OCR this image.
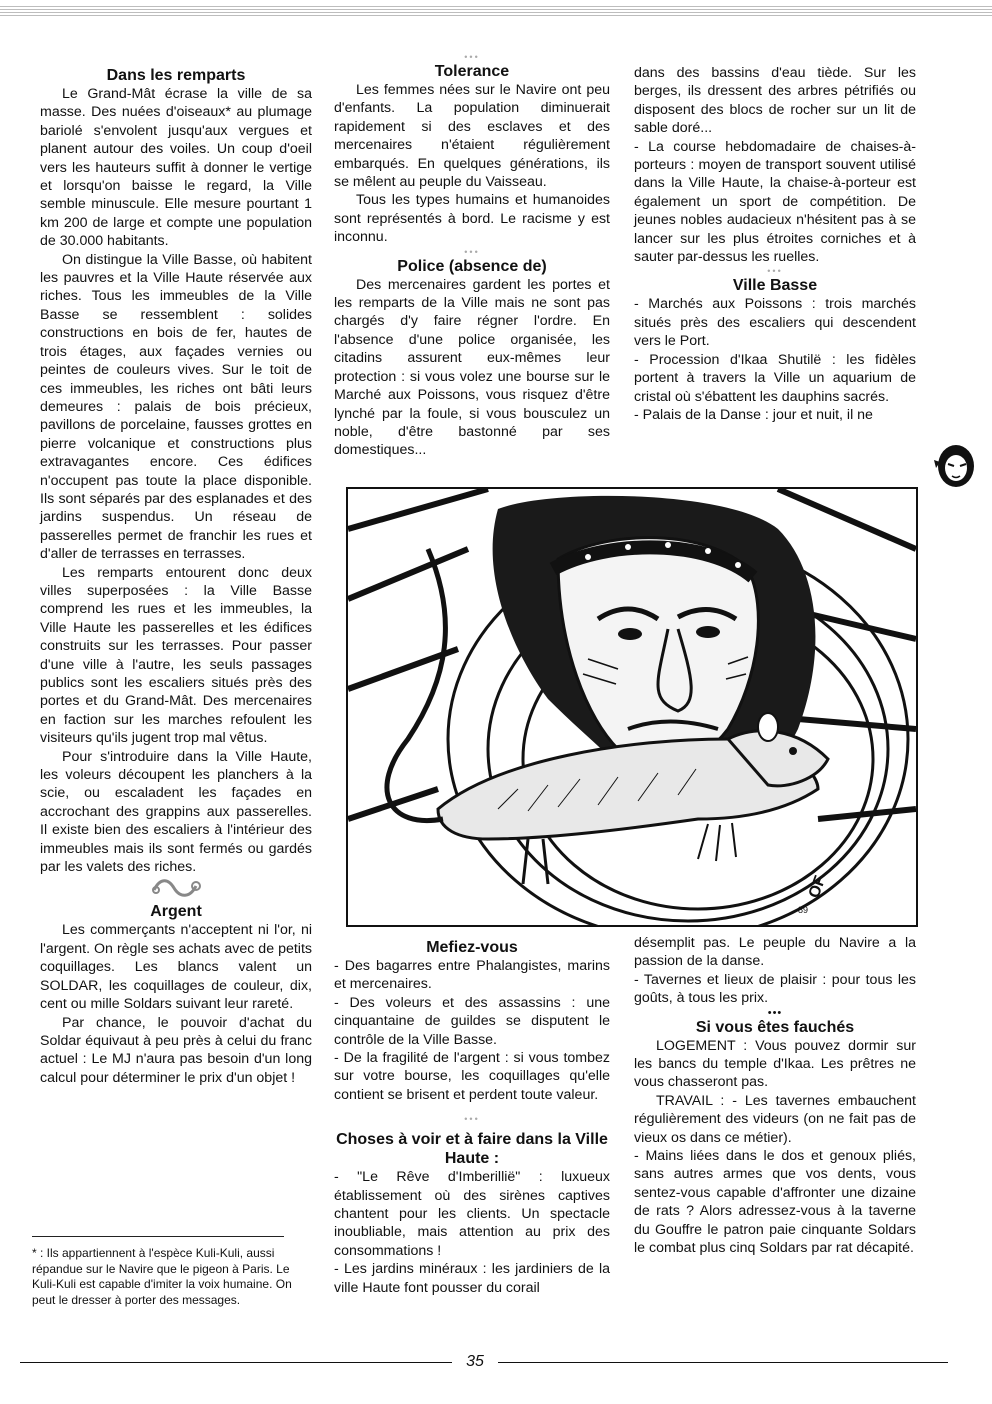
Dans les remparts

Le Grand-Mât écrase la ville de sa masse. Des nuées d'oiseaux* au plumage bariolé s'envolent jusqu'aux vergues et planent autour des voiles. Un coup d'oeil vers les hauteurs suffit à donner le vertige et lorsqu'on baisse le regard, la Ville semble minuscule. Elle mesure pourtant 1 km 200 de large et compte une population de 30.000 habitants.

On distingue la Ville Basse, où habitent les pauvres et la Ville Haute réservée aux riches. Tous les immeubles de la Ville Basse se ressemblent : solides constructions en bois de fer, hautes de trois étages, aux façades vernies ou peintes de couleurs vives. Sur le toit de ces immeubles, les riches ont bâti leurs demeures : palais de bois précieux, pavillons de porcelaine, fausses grottes en pierre volcanique et constructions plus extravagantes encore. Ces édifices n'occupent pas toute la place disponible. Ils sont séparés par des esplanades et des jardins suspendus. Un réseau de passerelles permet de franchir les rues et d'aller de terrasses en terrasses.

Les remparts entourent donc deux villes superposées : la Ville Basse comprend les rues et les immeubles, la Ville Haute les passerelles et les édifices construits sur les terrasses. Pour passer d'une ville à l'autre, les seuls passages publics sont les escaliers situés près des portes et du Grand-Mât. Des mercenaires en faction sur les marches refoulent les visiteurs qu'ils jugent trop mal vêtus.

Pour s'introduire dans la Ville Haute, les voleurs découpent les planchers à la scie, ou escaladent les façades en accrochant des grappins aux passerelles. Il existe bien des escaliers à l'intérieur des immeubles mais ils sont fermés ou gardés par les valets des riches.

Argent

Les commerçants n'acceptent ni l'or, ni l'argent. On règle ses achats avec de petits coquillages. Les blancs valent un SOLDAR, les coquillages de couleur, dix, cent ou mille Soldars suivant leur rareté.

Par chance, le pouvoir d'achat du Soldar équivaut à peu près à celui du franc actuel : Le MJ n'aura pas besoin d'un long calcul pour déterminer le prix d'un objet !

* : Ils appartiennent à l'espèce Kuli-Kuli, aussi répandue sur le Navire que le pigeon à Paris. Le Kuli-Kuli est capable d'imiter la voix humaine. On peut le dresser à porter des messages.
•••
Tolerance

Les femmes nées sur le Navire ont peu d'enfants. La population diminuerait rapidement si des esclaves et des mercenaires n'étaient régulièrement embarqués. En quelques générations, ils se mêlent au peuple du Vaisseau.

Tous les types humains et humanoides sont représentés à bord. Le racisme y est inconnu.

•••
Police (absence de)

Des mercenaires gardent les portes et les remparts de la Ville mais ne sont pas chargés d'y faire régner l'ordre. En l'absence d'une police organisée, les citadins assurent eux-mêmes leur protection : si vous volez une bourse sur le Marché aux Poissons, vous risquez d'être lynché par la foule, si vous bousculez un noble, d'être bastonné par ses domestiques...

dans des bassins d'eau tiède. Sur les berges, ils dressent des arbres pétrifiés ou disposent des blocs de rocher sur un lit de sable doré...

- La course hebdomadaire de chaises-à-porteurs : moyen de transport souvent utilisé dans la Ville Haute, la chaise-à-porteur est également un sport de compétition. De jeunes nobles audacieux n'hésitent pas à se lancer sur les plus étroites corniches et à sauter par-dessus les ruelles.

•••
Ville Basse

- Marchés aux Poissons : trois marchés situés près des escaliers qui descendent vers le Port.

- Procession d'Ikaa Shutilë : les fidèles portent à travers la Ville un aquarium de cristal où s'ébattent les dauphins sacrés.

- Palais de la Danse : jour et nuit, il ne

OF
89
Mefiez-vous

- Des bagarres entre Phalangistes, marins et mercenaires.

- Des voleurs et des assassins : une cinquantaine de guildes se disputent le contrôle de la Ville Basse.

- De la fragilité de l'argent : si vous tombez sur votre bourse, les coquillages qu'elle contient se brisent et perdent toute valeur.

•••
Choses à voir et à faire dans la Ville Haute :

- "Le Rêve d'Imberillië" : luxueux établissement où des sirènes captives chantent pour les clients. Un spectacle inoubliable, mais attention au prix des consommations !

- Les jardins minéraux : les jardiniers de la ville Haute font pousser du corail

désemplit pas. Le peuple du Navire a la passion de la danse.

- Tavernes et lieux de plaisir : pour tous les goûts, à tous les prix.

•••
Si vous êtes fauchés

LOGEMENT : Vous pouvez dormir sur les bancs du temple d'Ikaa. Les prêtres ne vous chasseront pas.

TRAVAIL : - Les tavernes embauchent régulièrement des videurs (on ne fait pas de vieux os dans ce métier).

- Mains liées dans le dos et genoux pliés, sans autres armes que vos dents, vous sentez-vous capable d'affronter une dizaine de rats ? Alors adressez-vous à la taverne du Gouffre le patron paie cinquante Soldars le combat plus cinq Soldars par rat décapité.

35
